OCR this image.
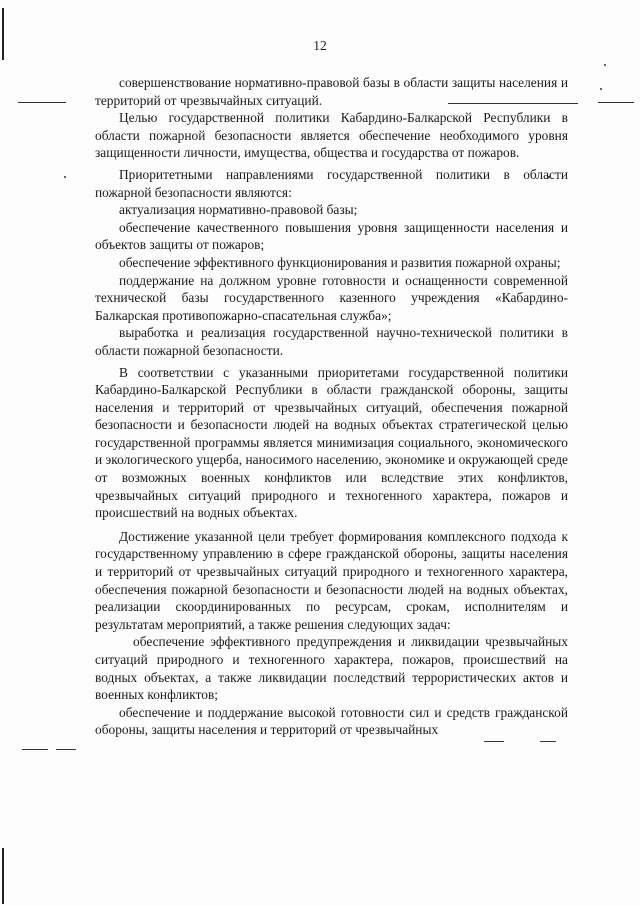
12

совершенствование нормативно-правовой базы в области защиты населения и территорий от чрезвычайных ситуаций.

Целью государственной политики Кабардино-Балкарской Республики в области пожарной безопасности является обеспечение необходимого уровня защищенности личности, имущества, общества и государства от пожаров.

Приоритетными направлениями государственной политики в области пожарной безопасности являются:

актуализация нормативно-правовой базы;

обеспечение качественного повышения уровня защищенности населения и объектов защиты от пожаров;

обеспечение эффективного функционирования и развития пожарной охраны;

поддержание на должном уровне готовности и оснащенности современной технической базы государственного казенного учреждения «Кабардино-Балкарская противопожарно-спасательная служба»;

выработка и реализация государственной научно-технической политики в области пожарной безопасности.

В соответствии с указанными приоритетами государственной политики Кабардино-Балкарской Республики в области гражданской обороны, защиты населения и территорий от чрезвычайных ситуаций, обеспечения пожарной безопасности и безопасности людей на водных объектах стратегической целью государственной программы является минимизация социального, экономического и экологического ущерба, наносимого населению, экономике и окружающей среде от возможных военных конфликтов или вследствие этих конфликтов, чрезвычайных ситуаций природного и техногенного характера, пожаров и происшествий на водных объектах.

Достижение указанной цели требует формирования комплексного подхода к государственному управлению в сфере гражданской обороны, защиты населения и территорий от чрезвычайных ситуаций природного и техногенного характера, обеспечения пожарной безопасности и безопасности людей на водных объектах, реализации скоординированных по ресурсам, срокам, исполнителям и результатам мероприятий, а также решения следующих задач:

обеспечение эффективного предупреждения и ликвидации чрезвычайных ситуаций природного и техногенного характера, пожаров, происшествий на водных объектах, а также ликвидации последствий террористических актов и военных конфликтов;

обеспечение и поддержание высокой готовности сил и средств гражданской обороны, защиты населения и территорий от чрезвычайных
